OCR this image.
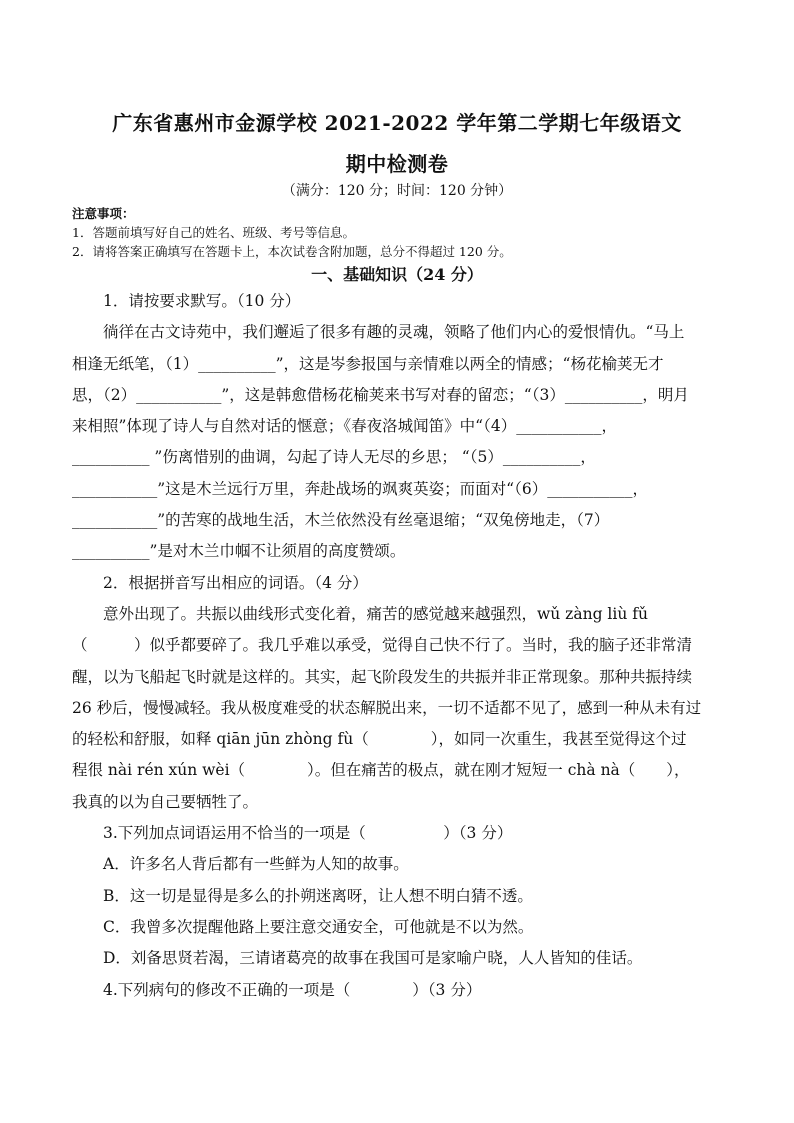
广东省惠州市金源学校 2021-2022 学年第二学期七年级语文
期中检测卷
（满分：120 分；时间：120 分钟）
注意事项：
1．答题前填写好自己的姓名、班级、考号等信息。
2．请将答案正确填写在答题卡上，本次试卷含附加题，总分不得超过 120 分。
一、基础知识（24 分）

1．请按要求默写。（10 分）

徜徉在古文诗苑中，我们邂逅了很多有趣的灵魂，领略了他们内心的爱恨情仇。“马上

相逢无纸笔，（1）__________”，这是岑参报国与亲情难以两全的情感；“杨花榆荚无才

思，（2）___________”，这是韩愈借杨花榆荚来书写对春的留恋；“（3）__________，明月

来相照”体现了诗人与自然对话的惬意；《春夜洛城闻笛》中“（4）___________，

__________ ”伤离惜别的曲调，勾起了诗人无尽的乡思； “（5）__________，

___________”这是木兰远行万里，奔赴战场的飒爽英姿；而面对“（6）___________，

___________”的苦寒的战地生活，木兰依然没有丝毫退缩；“双兔傍地走，（7）

__________”是对木兰巾帼不让须眉的高度赞颂。

2．根据拼音写出相应的词语。（4 分）

意外出现了。共振以曲线形式变化着，痛苦的感觉越来越强烈，wǔ zàng liù fǔ

（　　　）似乎都要碎了。我几乎难以承受，觉得自己快不行了。当时，我的脑子还非常清

醒，以为飞船起飞时就是这样的。其实，起飞阶段发生的共振并非正常现象。那种共振持续

26 秒后，慢慢减轻。我从极度难受的状态解脱出来，一切不适都不见了，感到一种从未有过

的轻松和舒服，如释 qiān jūn zhòng fù（　　　　），如同一次重生，我甚至觉得这个过

程很 nài rén xún wèi（　　　　）。但在痛苦的极点，就在刚才短短一 chà nà（　　），

我真的以为自己要牺牲了。

3.下列加点词语运用不恰当的一项是（　　　　　）（3 分）

A．许多名人背后都有一些鲜为人知的故事。

B．这一切是显得是多么的扑朔迷离呀，让人想不明白猜不透。

C．我曾多次提醒他路上要注意交通安全，可他就是不以为然。

D．刘备思贤若渴，三请诸葛亮的故事在我国可是家喻户晓，人人皆知的佳话。

4.下列病句的修改不正确的一项是（　　　　）（3 分）
